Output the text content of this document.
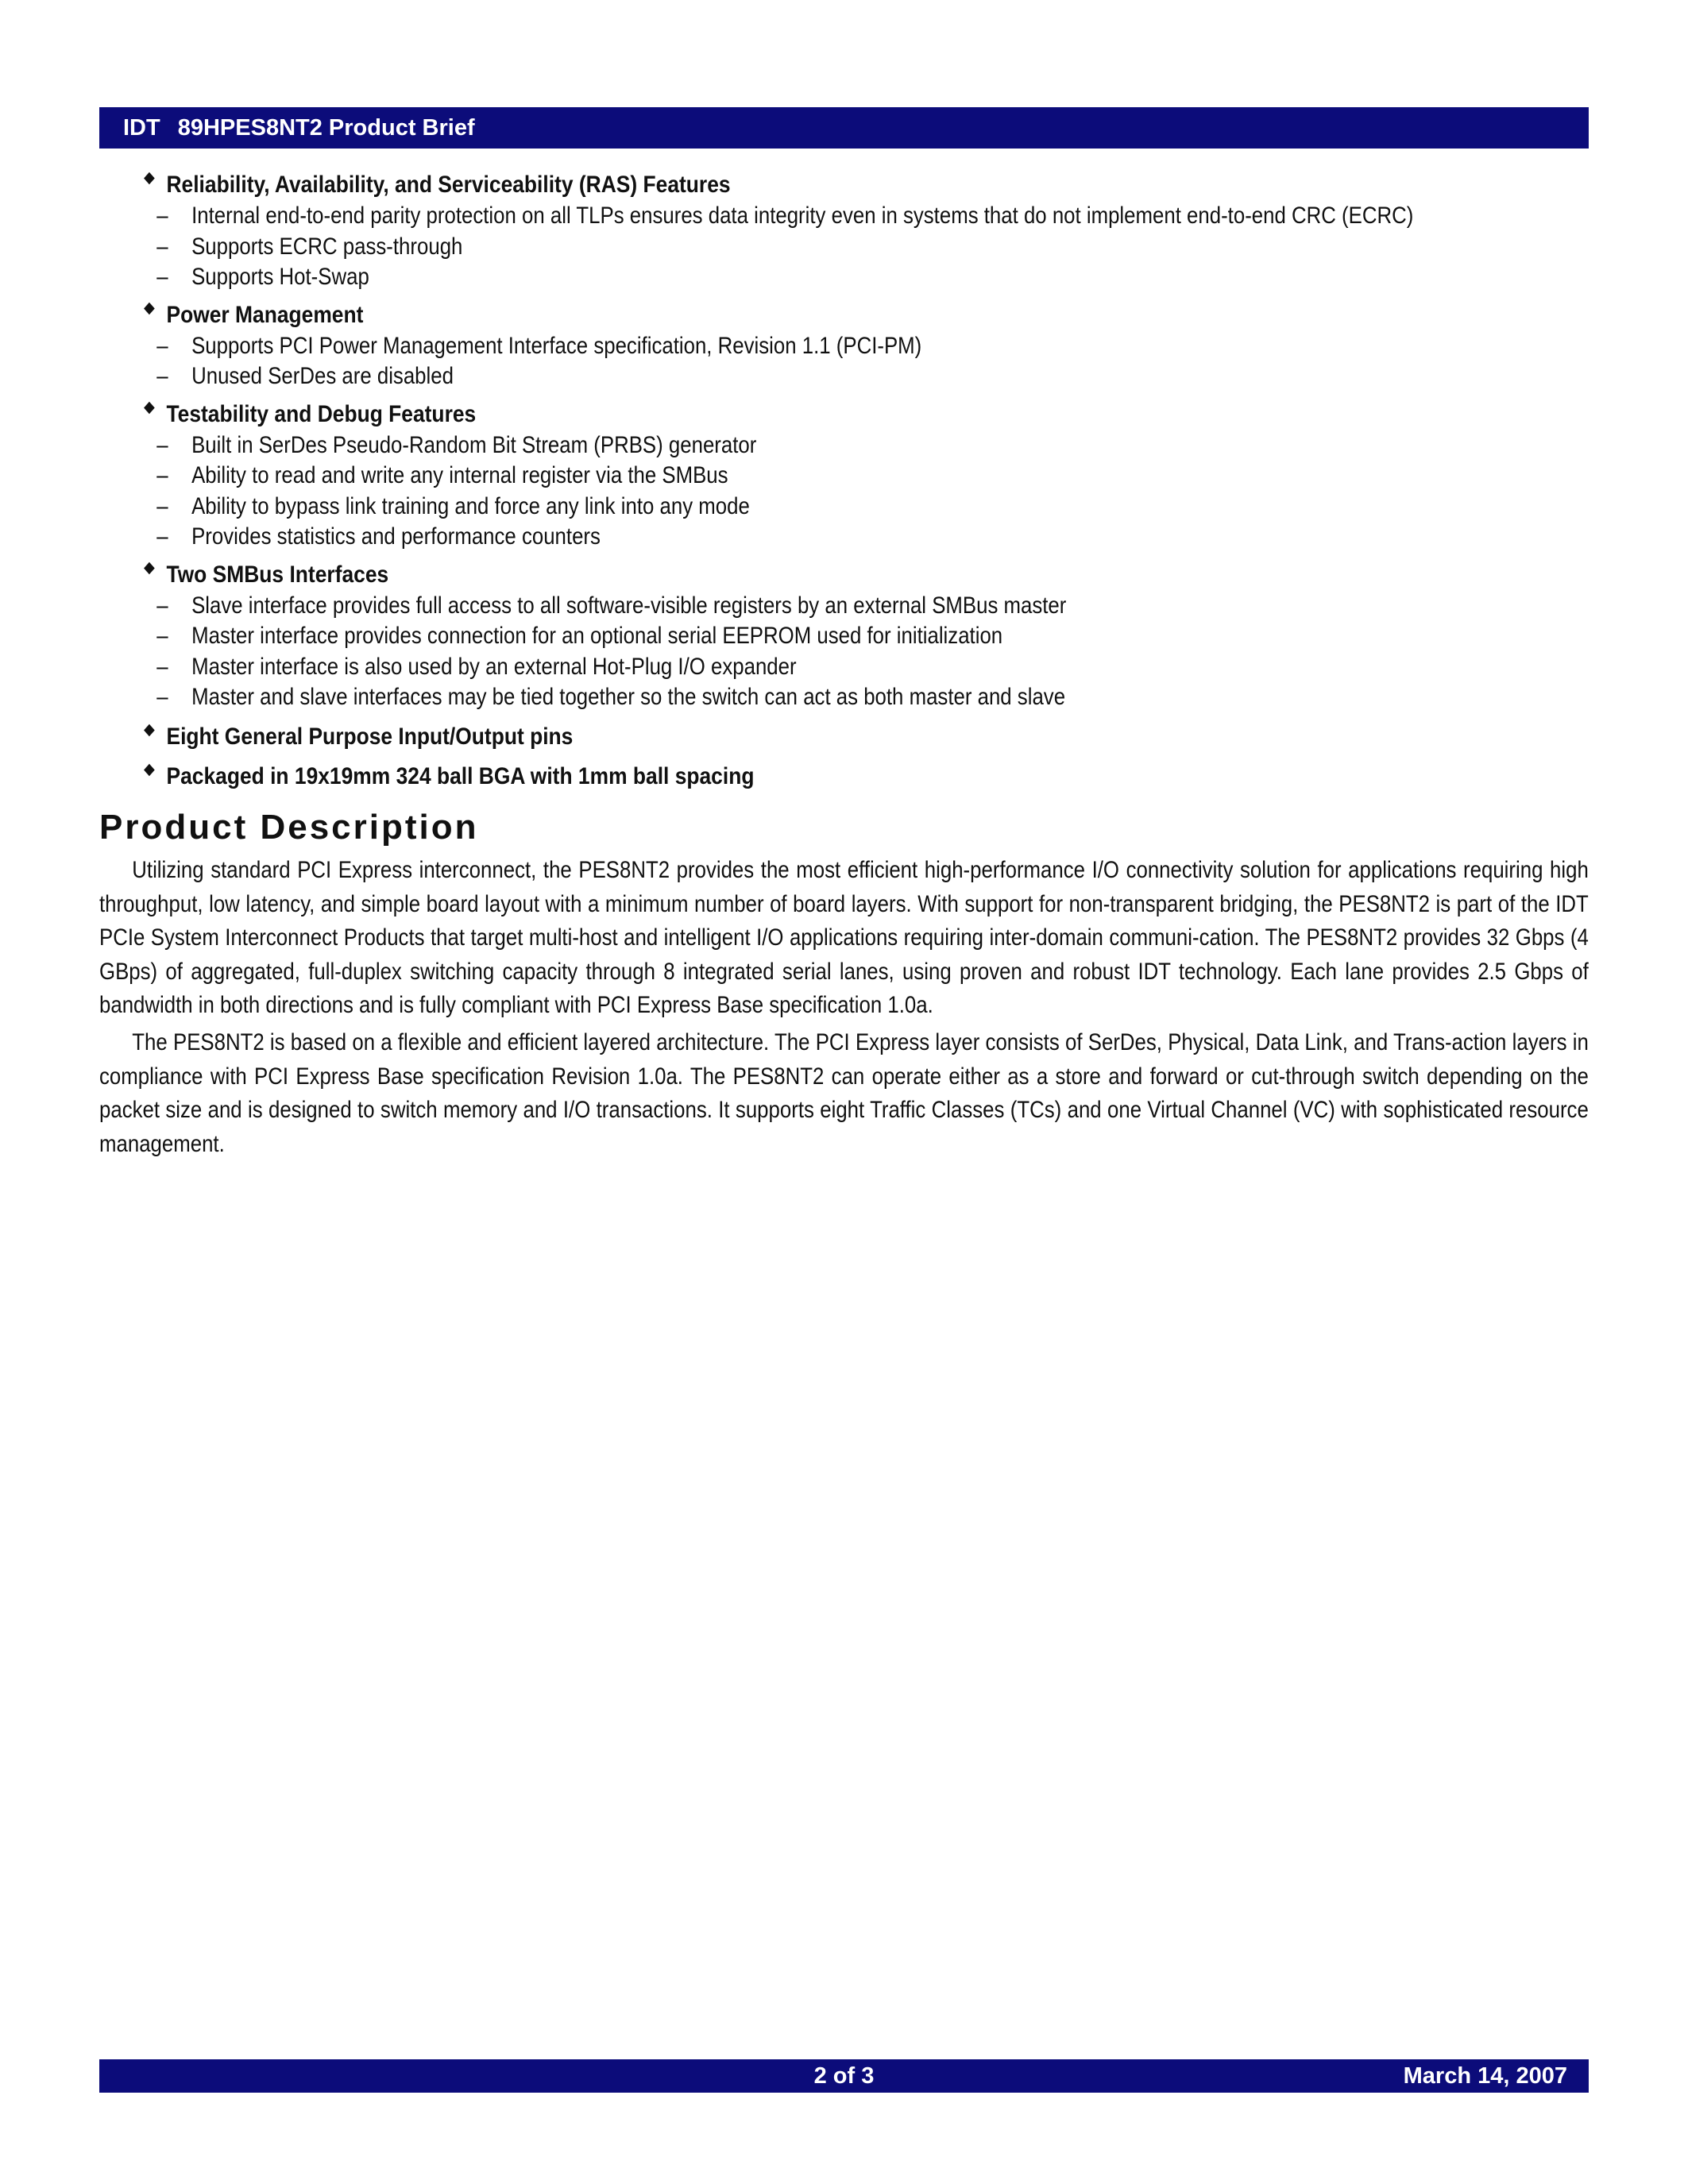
IDT 89HPES8NT2 Product Brief
Reliability, Availability, and Serviceability (RAS) Features
– Internal end-to-end parity protection on all TLPs ensures data integrity even in systems that do not implement end-to-end CRC (ECRC)
– Supports ECRC pass-through
– Supports Hot-Swap
Power Management
– Supports PCI Power Management Interface specification, Revision 1.1 (PCI-PM)
– Unused SerDes are disabled
Testability and Debug Features
– Built in SerDes Pseudo-Random Bit Stream (PRBS) generator
– Ability to read and write any internal register via the SMBus
– Ability to bypass link training and force any link into any mode
– Provides statistics and performance counters
Two SMBus Interfaces
– Slave interface provides full access to all software-visible registers by an external SMBus master
– Master interface provides connection for an optional serial EEPROM used for initialization
– Master interface is also used by an external Hot-Plug I/O expander
– Master and slave interfaces may be tied together so the switch can act as both master and slave
Eight General Purpose Input/Output pins
Packaged in 19x19mm 324 ball BGA with 1mm ball spacing
Product Description

Utilizing standard PCI Express interconnect, the PES8NT2 provides the most efficient high-performance I/O connectivity solution for applications requiring high throughput, low latency, and simple board layout with a minimum number of board layers. With support for non-transparent bridging, the PES8NT2 is part of the IDT PCIe System Interconnect Products that target multi-host and intelligent I/O applications requiring inter-domain communi-cation. The PES8NT2 provides 32 Gbps (4 GBps) of aggregated, full-duplex switching capacity through 8 integrated serial lanes, using proven and robust IDT technology. Each lane provides 2.5 Gbps of bandwidth in both directions and is fully compliant with PCI Express Base specification 1.0a.

The PES8NT2 is based on a flexible and efficient layered architecture. The PCI Express layer consists of SerDes, Physical, Data Link, and Trans-action layers in compliance with PCI Express Base specification Revision 1.0a. The PES8NT2 can operate either as a store and forward or cut-through switch depending on the packet size and is designed to switch memory and I/O transactions. It supports eight Traffic Classes (TCs) and one Virtual Channel (VC) with sophisticated resource management.

2 of 3	March 14, 2007
